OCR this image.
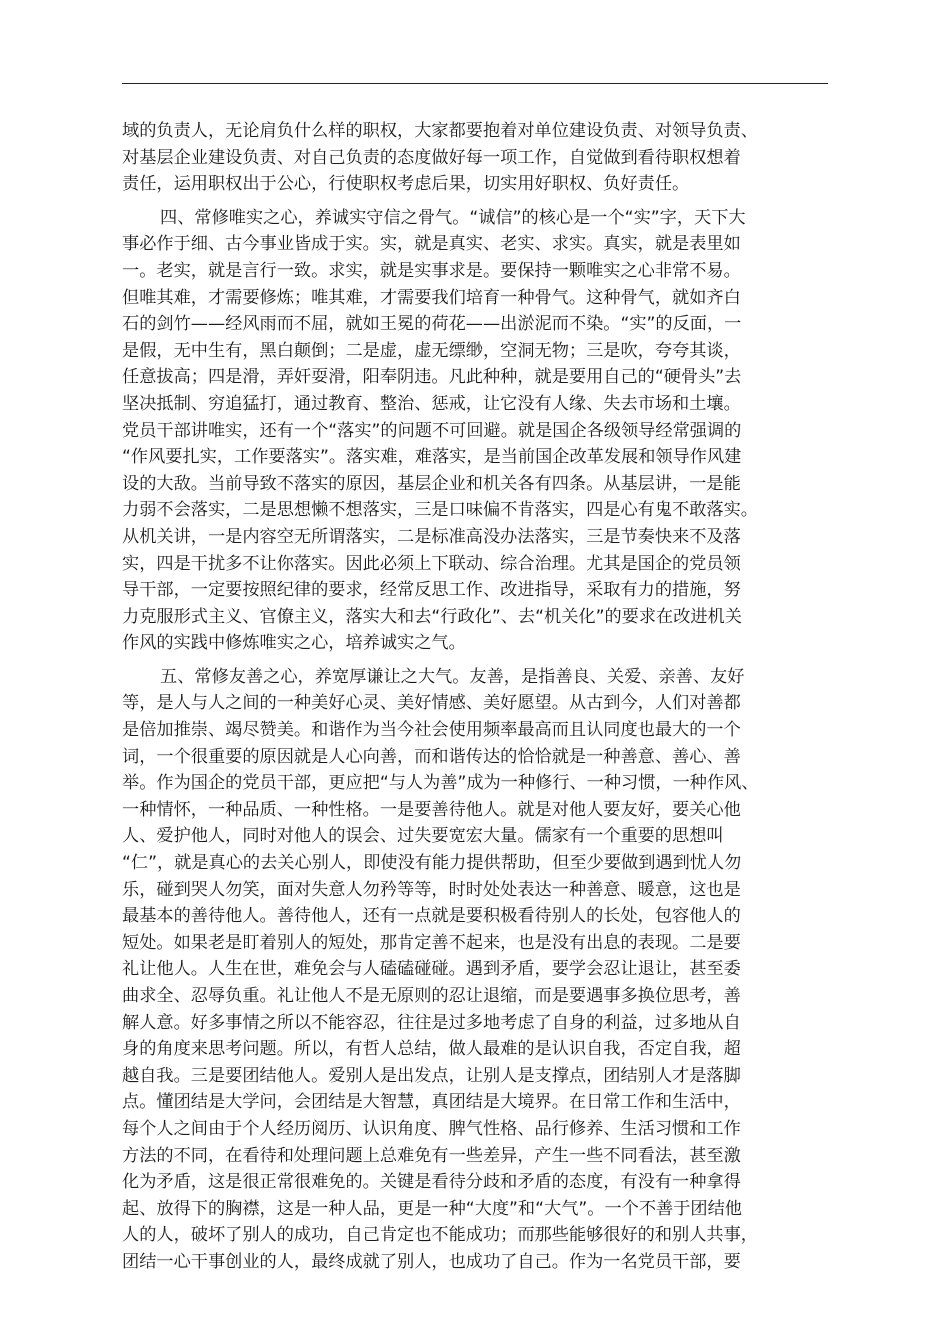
域的负责人，无论肩负什么样的职权，大家都要抱着对单位建设负责、对领导负责、
对基层企业建设负责、对自己负责的态度做好每一项工作，自觉做到看待职权想着
责任，运用职权出于公心，行使职权考虑后果，切实用好职权、负好责任。
四、常修唯实之心，养诚实守信之骨气。“诚信”的核心是一个“实”字，天下大
事必作于细、古今事业皆成于实。实，就是真实、老实、求实。真实，就是表里如
一。老实，就是言行一致。求实，就是实事求是。要保持一颗唯实之心非常不易。
但唯其难，才需要修炼；唯其难，才需要我们培育一种骨气。这种骨气，就如齐白
石的剑竹——经风雨而不屈，就如王冕的荷花——出淤泥而不染。“实”的反面，一
是假，无中生有，黑白颠倒；二是虚，虚无缥缈，空洞无物；三是吹，夸夸其谈，
任意拔高；四是滑，弄奸耍滑，阳奉阴违。凡此种种，就是要用自己的“硬骨头”去
坚决抵制、穷追猛打，通过教育、整治、惩戒，让它没有人缘、失去市场和土壤。
党员干部讲唯实，还有一个“落实”的问题不可回避。就是国企各级领导经常强调的
“作风要扎实，工作要落实”。落实难，难落实，是当前国企改革发展和领导作风建
设的大敌。当前导致不落实的原因，基层企业和机关各有四条。从基层讲，一是能
力弱不会落实，二是思想懒不想落实，三是口味偏不肯落实，四是心有鬼不敢落实。
从机关讲，一是内容空无所谓落实，二是标准高没办法落实，三是节奏快来不及落
实，四是干扰多不让你落实。因此必须上下联动、综合治理。尤其是国企的党员领
导干部，一定要按照纪律的要求，经常反思工作、改进指导，采取有力的措施，努
力克服形式主义、官僚主义，落实大和去“行政化”、去“机关化”的要求在改进机关
作风的实践中修炼唯实之心，培养诚实之气。
五、常修友善之心，养宽厚谦让之大气。友善，是指善良、关爱、亲善、友好
等，是人与人之间的一种美好心灵、美好情感、美好愿望。从古到今，人们对善都
是倍加推崇、竭尽赞美。和谐作为当今社会使用频率最高而且认同度也最大的一个
词，一个很重要的原因就是人心向善，而和谐传达的恰恰就是一种善意、善心、善
举。作为国企的党员干部，更应把“与人为善”成为一种修行、一种习惯，一种作风、
一种情怀，一种品质、一种性格。一是要善待他人。就是对他人要友好，要关心他
人、爱护他人，同时对他人的误会、过失要宽宏大量。儒家有一个重要的思想叫
“仁”，就是真心的去关心别人，即使没有能力提供帮助，但至少要做到遇到忧人勿
乐，碰到哭人勿笑，面对失意人勿矜等等，时时处处表达一种善意、暖意，这也是
最基本的善待他人。善待他人，还有一点就是要积极看待别人的长处，包容他人的
短处。如果老是盯着别人的短处，那肯定善不起来，也是没有出息的表现。二是要
礼让他人。人生在世，难免会与人磕磕碰碰。遇到矛盾，要学会忍让退让，甚至委
曲求全、忍辱负重。礼让他人不是无原则的忍让退缩，而是要遇事多换位思考，善
解人意。好多事情之所以不能容忍，往往是过多地考虑了自身的利益，过多地从自
身的角度来思考问题。所以，有哲人总结，做人最难的是认识自我，否定自我，超
越自我。三是要团结他人。爱别人是出发点，让别人是支撑点，团结别人才是落脚
点。懂团结是大学问，会团结是大智慧，真团结是大境界。在日常工作和生活中，
每个人之间由于个人经历阅历、认识角度、脾气性格、品行修养、生活习惯和工作
方法的不同，在看待和处理问题上总难免有一些差异，产生一些不同看法，甚至激
化为矛盾，这是很正常很难免的。关键是看待分歧和矛盾的态度，有没有一种拿得
起、放得下的胸襟，这是一种人品，更是一种“大度”和“大气”。一个不善于团结他
人的人，破坏了别人的成功，自己肯定也不能成功；而那些能够很好的和别人共事，
团结一心干事创业的人，最终成就了别人，也成功了自己。作为一名党员干部，要
